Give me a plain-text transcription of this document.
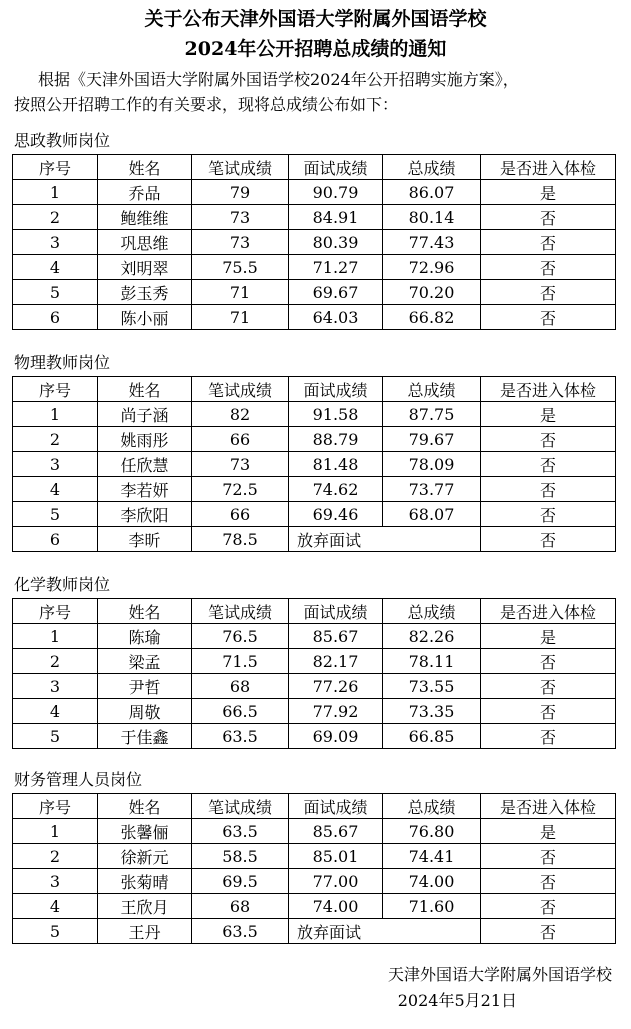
关于公布天津外国语大学附属外国语学校
2024年公开招聘总成绩的通知
根据《天津外国语大学附属外国语学校2024年公开招聘实施方案》，
按照公开招聘工作的有关要求，现将总成绩公布如下：
思政教师岗位
序号	姓名	笔试成绩	面试成绩	总成绩	是否进入体检
1	乔品	79	90.79	86.07	是
2	鲍维维	73	84.91	80.14	否
3	巩思维	73	80.39	77.43	否
4	刘明翠	75.5	71.27	72.96	否
5	彭玉秀	71	69.67	70.20	否
6	陈小丽	71	64.03	66.82	否
物理教师岗位
序号	姓名	笔试成绩	面试成绩	总成绩	是否进入体检
1	尚子涵	82	91.58	87.75	是
2	姚雨彤	66	88.79	79.67	否
3	任欣慧	73	81.48	78.09	否
4	李若妍	72.5	74.62	73.77	否
5	李欣阳	66	69.46	68.07	否
6	李昕	78.5	放弃面试		否
化学教师岗位
序号	姓名	笔试成绩	面试成绩	总成绩	是否进入体检
1	陈瑜	76.5	85.67	82.26	是
2	梁孟	71.5	82.17	78.11	否
3	尹哲	68	77.26	73.55	否
4	周敬	66.5	77.92	73.35	否
5	于佳鑫	63.5	69.09	66.85	否
财务管理人员岗位
序号	姓名	笔试成绩	面试成绩	总成绩	是否进入体检
1	张馨俪	63.5	85.67	76.80	是
2	徐新元	58.5	85.01	74.41	否
3	张菊晴	69.5	77.00	74.00	否
4	王欣月	68	74.00	71.60	否
5	王丹	63.5	放弃面试		否
天津外国语大学附属外国语学校
2024年5月21日
